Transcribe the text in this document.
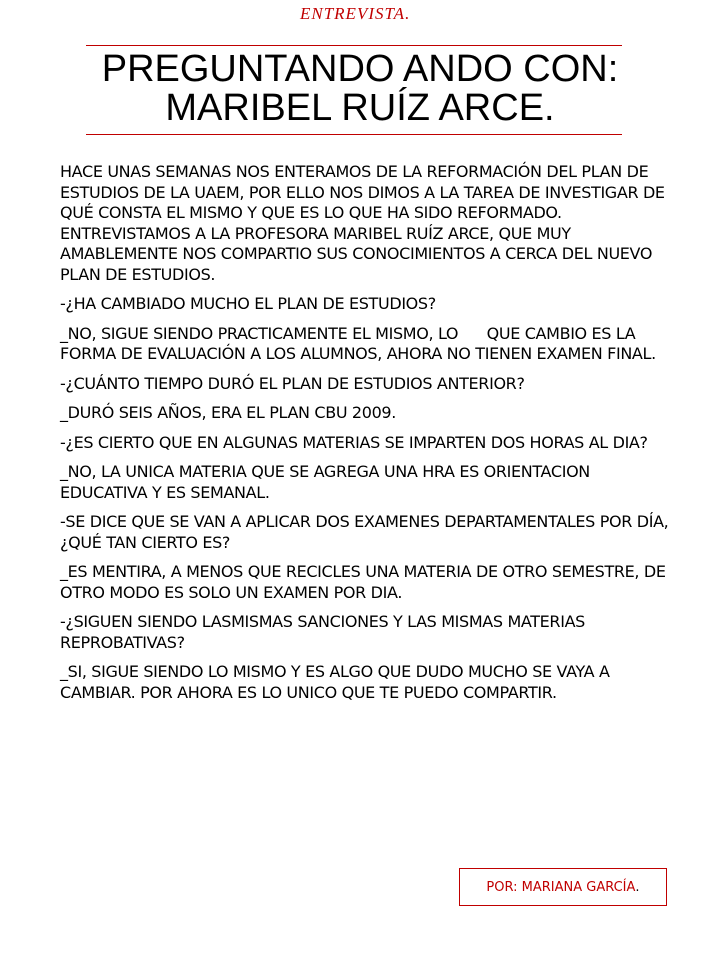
ENTREVISTA.
PREGUNTANDO ANDO CON:
MARIBEL RUÍZ ARCE.

HACE UNAS SEMANAS NOS ENTERAMOS DE LA REFORMACIÓN DEL PLAN DE ESTUDIOS DE LA UAEM, POR ELLO NOS DIMOS A LA TAREA DE INVESTIGAR DE QUÉ CONSTA EL MISMO Y QUE ES LO QUE HA SIDO REFORMADO. ENTREVISTAMOS A LA PROFESORA MARIBEL RUÍZ ARCE, QUE MUY AMABLEMENTE NOS COMPARTIO SUS CONOCIMIENTOS A CERCA DEL NUEVO PLAN DE ESTUDIOS.

-¿HA CAMBIADO MUCHO EL PLAN DE ESTUDIOS?

_NO, SIGUE SIENDO PRACTICAMENTE EL MISMO, LO      QUE CAMBIO ES LA FORMA DE EVALUACIÓN A LOS ALUMNOS, AHORA NO TIENEN EXAMEN FINAL.

-¿CUÁNTO TIEMPO DURÓ EL PLAN DE ESTUDIOS ANTERIOR?

_DURÓ SEIS AÑOS, ERA EL PLAN CBU 2009.

-¿ES CIERTO QUE EN ALGUNAS MATERIAS SE IMPARTEN DOS HORAS AL DIA?

_NO, LA UNICA MATERIA QUE SE AGREGA UNA HRA ES ORIENTACION EDUCATIVA Y ES SEMANAL.

-SE DICE QUE SE VAN A APLICAR DOS EXAMENES DEPARTAMENTALES POR DÍA, ¿QUÉ TAN CIERTO ES?

_ES MENTIRA, A MENOS QUE RECICLES UNA MATERIA DE OTRO SEMESTRE, DE OTRO MODO ES SOLO UN EXAMEN POR DIA.

-¿SIGUEN SIENDO LASMISMAS SANCIONES Y LAS MISMAS MATERIAS REPROBATIVAS?

_SI, SIGUE SIENDO LO MISMO Y ES ALGO QUE DUDO MUCHO SE VAYA A CAMBIAR. POR AHORA ES LO UNICO QUE TE PUEDO COMPARTIR.

POR: MARIANA GARCÍA .
